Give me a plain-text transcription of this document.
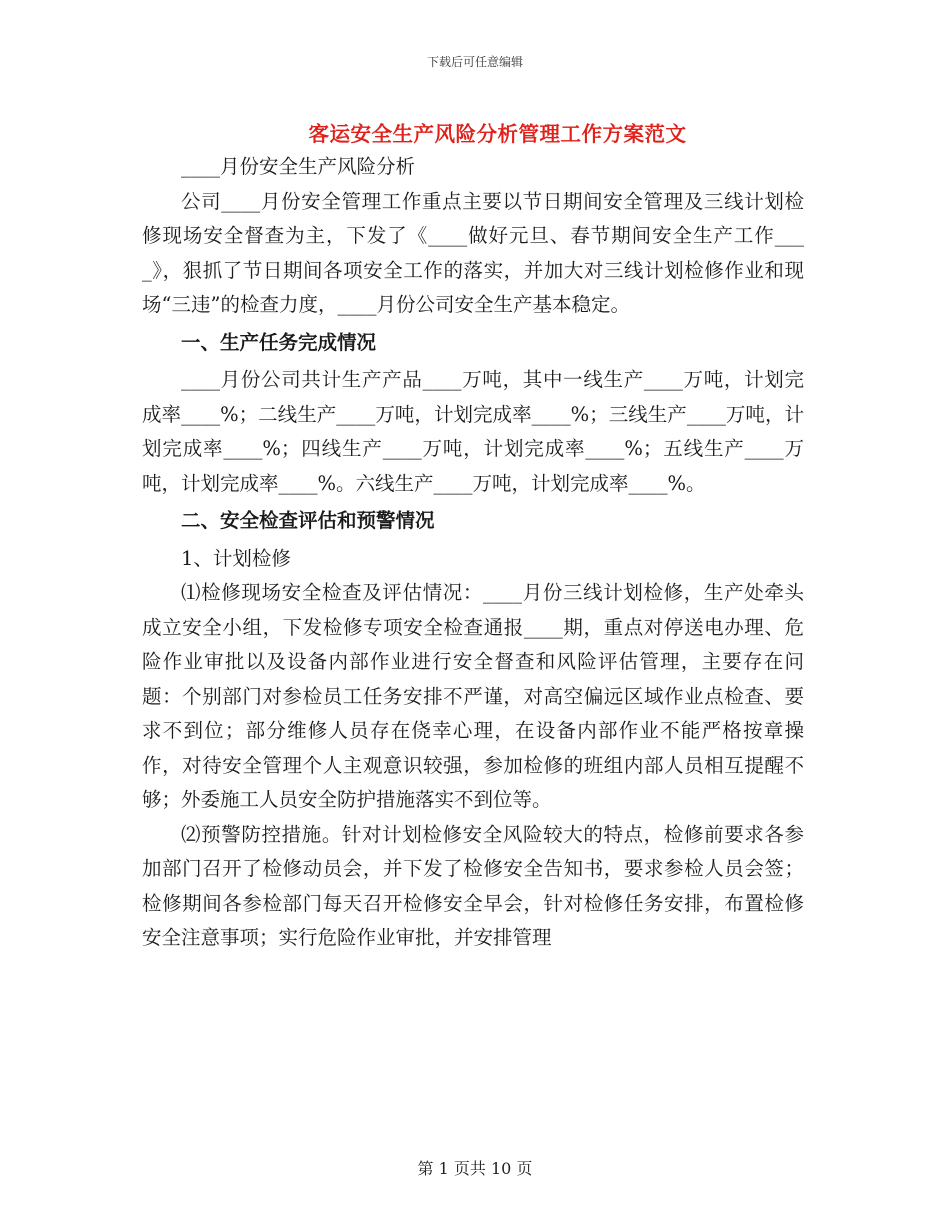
下载后可任意编辑
客运安全生产风险分析管理工作方案范文

____月份安全生产风险分析

公司____月份安全管理工作重点主要以节日期间安全管理及三线计划检修现场安全督查为主，下发了《____做好元旦、春节期间安全生产工作____》，狠抓了节日期间各项安全工作的落实，并加大对三线计划检修作业和现场“三违”的检查力度，____月份公司安全生产基本稳定。

一、生产任务完成情况

____月份公司共计生产产品____万吨，其中一线生产____万吨，计划完成率____%；二线生产____万吨，计划完成率____%；三线生产____万吨，计划完成率____%；四线生产____万吨，计划完成率____%；五线生产____万吨，计划完成率____%。六线生产____万吨，计划完成率____%。

二、安全检查评估和预警情况

1、计划检修

⑴检修现场安全检查及评估情况：____月份三线计划检修，生产处牵头成立安全小组，下发检修专项安全检查通报____期，重点对停送电办理、危险作业审批以及设备内部作业进行安全督查和风险评估管理，主要存在问题：个别部门对参检员工任务安排不严谨，对高空偏远区域作业点检查、要求不到位；部分维修人员存在侥幸心理，在设备内部作业不能严格按章操作，对待安全管理个人主观意识较强，参加检修的班组内部人员相互提醒不够；外委施工人员安全防护措施落实不到位等。

⑵预警防控措施。针对计划检修安全风险较大的特点，检修前要求各参加部门召开了检修动员会，并下发了检修安全告知书，要求参检人员会签；检修期间各参检部门每天召开检修安全早会，针对检修任务安排，布置检修安全注意事项；实行危险作业审批，并安排管理

第 1 页共 10 页
